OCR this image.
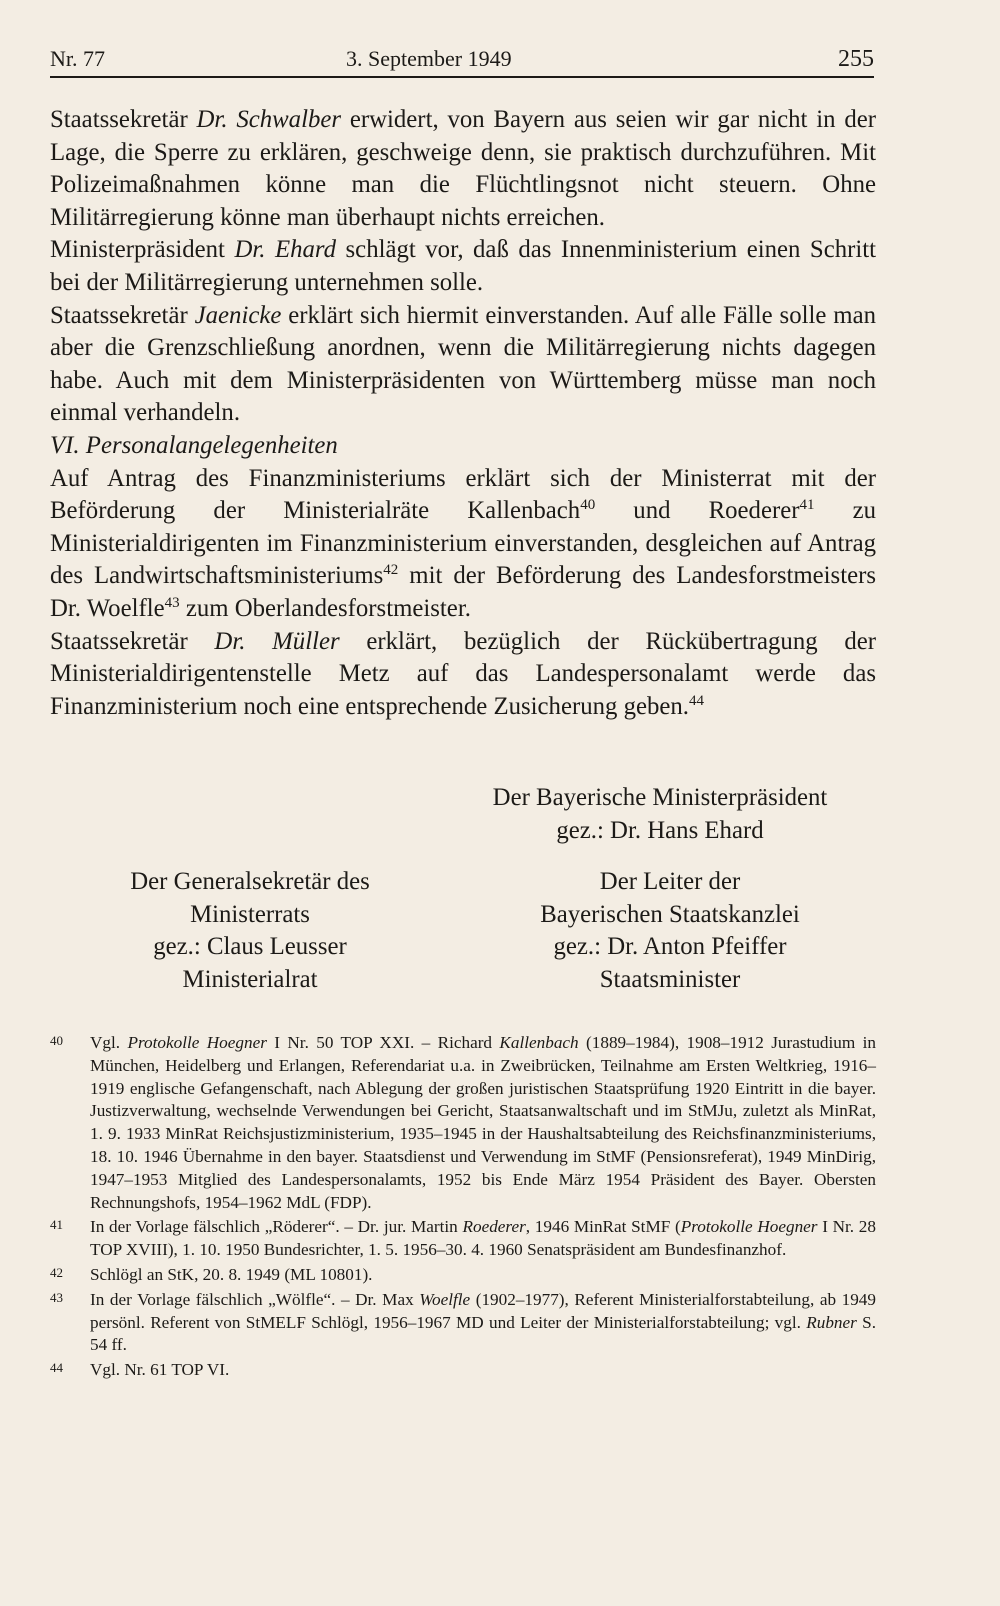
Nr. 77	3. September 1949	255

Staatssekretär Dr. Schwalber erwidert, von Bayern aus seien wir gar nicht in der Lage, die Sperre zu erklären, geschweige denn, sie praktisch durchzuführen. Mit Polizeimaßnahmen könne man die Flüchtlingsnot nicht steuern. Ohne Militärregierung könne man überhaupt nichts erreichen.

Ministerpräsident Dr. Ehard schlägt vor, daß das Innenministerium einen Schritt bei der Militärregierung unternehmen solle.

Staatssekretär Jaenicke erklärt sich hiermit einverstanden. Auf alle Fälle solle man aber die Grenzschließung anordnen, wenn die Militärregierung nichts dagegen habe. Auch mit dem Ministerpräsidenten von Württemberg müsse man noch einmal verhandeln.

VI. Personalangelegenheiten

Auf Antrag des Finanzministeriums erklärt sich der Ministerrat mit der Beförderung der Ministerialräte Kallenbach$^{40}$ und Roederer$^{41}$ zu Ministerialdirigenten im Finanzministerium einverstanden, desgleichen auf Antrag des Landwirtschaftsministeriums$^{42}$ mit der Beförderung des Landesforstmeisters Dr. Woelfle$^{43}$ zum Oberlandesforstmeister.

Staatssekretär Dr. Müller erklärt, bezüglich der Rückübertragung der Ministerialdirigentenstelle Metz auf das Landespersonalamt werde das Finanzministerium noch eine entsprechende Zusicherung geben.$^{44}$

Der Bayerische Ministerpräsident
gez.: Dr. Hans Ehard
Der Generalsekretär des
Ministerrats
gez.: Claus Leusser
Ministerialrat
Der Leiter der
Bayerischen Staatskanzlei
gez.: Dr. Anton Pfeiffer
Staatsminister
40 Vgl. Protokolle Hoegner I Nr. 50 TOP XXI. – Richard Kallenbach (1889–1984), 1908–1912 Jurastudium in München, Heidelberg und Erlangen, Referendariat u.a. in Zweibrücken, Teilnahme am Ersten Weltkrieg, 1916–1919 englische Gefangenschaft, nach Ablegung der großen juristischen Staatsprüfung 1920 Eintritt in die bayer. Justizverwaltung, wechselnde Verwendungen bei Gericht, Staatsanwaltschaft und im StMJu, zuletzt als MinRat, 1. 9. 1933 MinRat Reichsjustizministerium, 1935–1945 in der Haushaltsabteilung des Reichsfinanzministeriums, 18. 10. 1946 Übernahme in den bayer. Staatsdienst und Verwendung im StMF (Pensionsreferat), 1949 MinDirig, 1947–1953 Mitglied des Landespersonalamts, 1952 bis Ende März 1954 Präsident des Bayer. Obersten Rechnungshofs, 1954–1962 MdL (FDP).
41 In der Vorlage fälschlich „Röderer“. – Dr. jur. Martin Roederer, 1946 MinRat StMF (Protokolle Hoegner I Nr. 28 TOP XVIII), 1. 10. 1950 Bundesrichter, 1. 5. 1956–30. 4. 1960 Senatspräsident am Bundesfinanzhof.
42 Schlögl an StK, 20. 8. 1949 (ML 10801).
43 In der Vorlage fälschlich „Wölfle“. – Dr. Max Woelfle (1902–1977), Referent Ministerialforstabteilung, ab 1949 persönl. Referent von StMELF Schlögl, 1956–1967 MD und Leiter der Ministerialforstabteilung; vgl. Rubner S. 54 ff.
44 Vgl. Nr. 61 TOP VI.
